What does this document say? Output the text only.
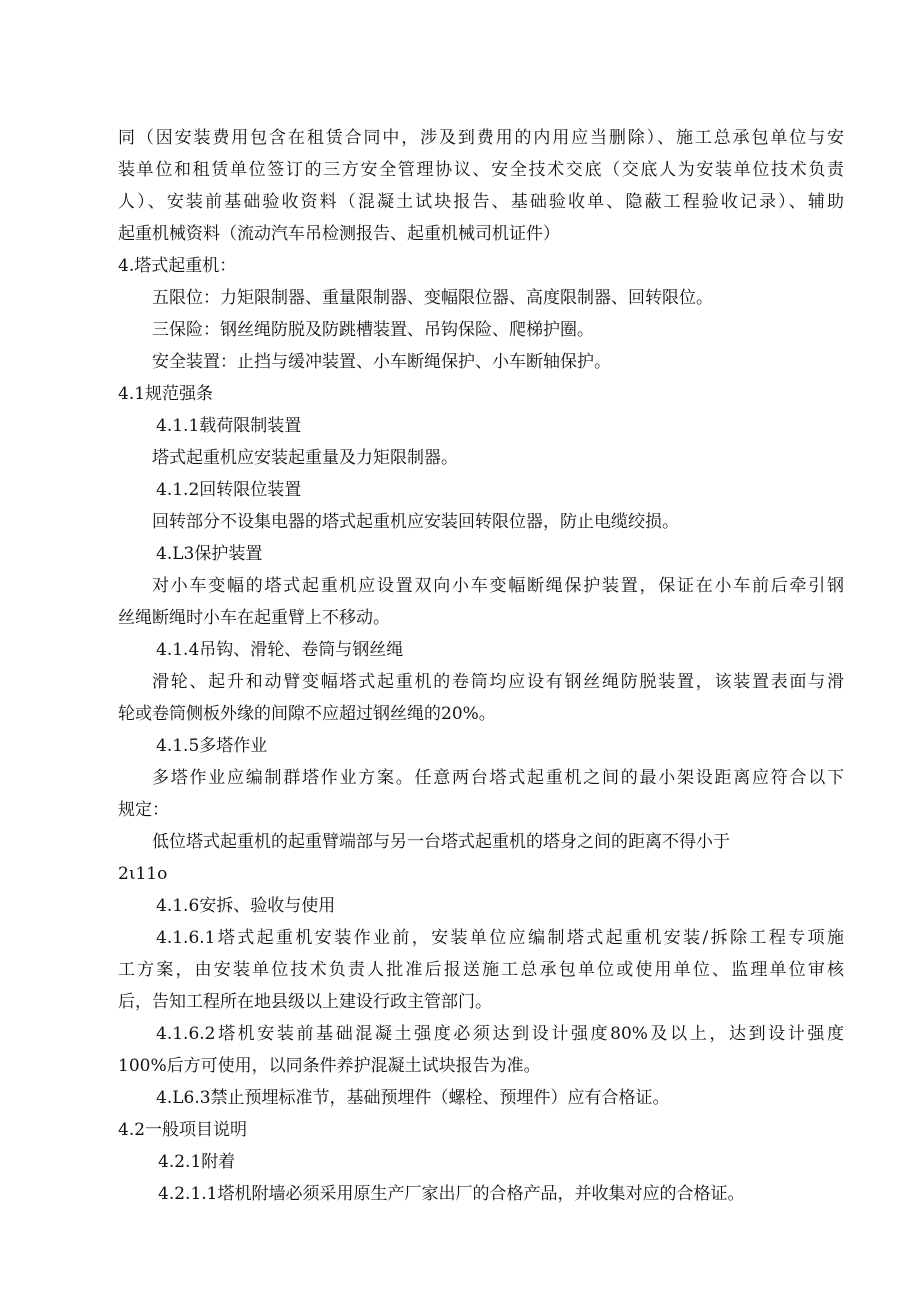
同（因安装费用包含在租赁合同中，涉及到费用的内用应当删除）、施工总承包单位与安
装单位和租赁单位签订的三方安全管理协议、安全技术交底（交底人为安装单位技术负责
人）、安装前基础验收资料（混凝土试块报告、基础验收单、隐蔽工程验收记录）、辅助
起重机械资料（流动汽车吊检测报告、起重机械司机证件）
4.塔式起重机：
五限位：力矩限制器、重量限制器、变幅限位器、高度限制器、回转限位。
三保险：钢丝绳防脱及防跳槽装置、吊钩保险、爬梯护圈。
安全装置：止挡与缓冲装置、小车断绳保护、小车断轴保护。
4.1规范强条
4.1.1载荷限制装置
塔式起重机应安装起重量及力矩限制器。
4.1.2回转限位装置
回转部分不设集电器的塔式起重机应安装回转限位器，防止电缆绞损。
4.L3保护装置
对小车变幅的塔式起重机应设置双向小车变幅断绳保护装置，保证在小车前后牵引钢
丝绳断绳时小车在起重臂上不移动。
4.1.4吊钩、滑轮、卷筒与钢丝绳
滑轮、起升和动臂变幅塔式起重机的卷筒均应设有钢丝绳防脱装置，该装置表面与滑
轮或卷筒侧板外缘的间隙不应超过钢丝绳的20%。
4.1.5多塔作业
多塔作业应编制群塔作业方案。任意两台塔式起重机之间的最小架设距离应符合以下
规定：
低位塔式起重机的起重臂端部与另一台塔式起重机的塔身之间的距离不得小于
2ι11o
4.1.6安拆、验收与使用
4.1.6.1塔式起重机安装作业前，安装单位应编制塔式起重机安装/拆除工程专项施
工方案，由安装单位技术负责人批准后报送施工总承包单位或使用单位、监理单位审核
后，告知工程所在地县级以上建设行政主管部门。
4.1.6.2塔机安装前基础混凝土强度必须达到设计强度80%及以上，达到设计强度
100%后方可使用，以同条件养护混凝土试块报告为准。
4.L6.3禁止预埋标准节，基础预埋件（螺栓、预埋件）应有合格证。
4.2一般项目说明
4.2.1附着
4.2.1.1塔机附墙必须采用原生产厂家出厂的合格产品，并收集对应的合格证。
